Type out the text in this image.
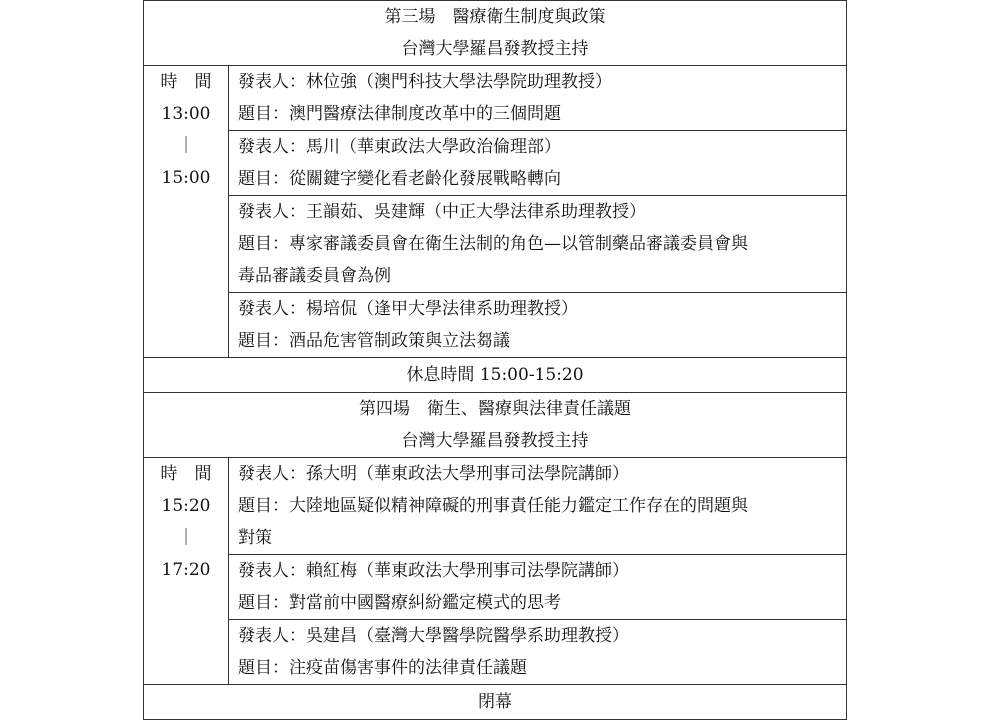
第三場　醫療衛生制度與政策
台灣大學羅昌發教授主持	

時　間
13:00
｜
15:00	發表人：林位強（澳門科技大學法學院助理教授）
題目：澳門醫療法律制度改革中的三個問題

	發表人：馬川（華東政法大學政治倫理部）
題目：從關鍵字變化看老齡化發展戰略轉向

	發表人：王韻茹、吳建輝（中正大學法律系助理教授）
題目：專家審議委員會在衛生法制的角色—以管制藥品審議委員會與
毒品審議委員會為例

	發表人：楊培侃（逢甲大學法律系助理教授）
題目：酒品危害管制政策與立法芻議

休息時間 15:00-15:20	

第四場　衛生、醫療與法律責任議題
台灣大學羅昌發教授主持	

時　間
15:20
｜
17:20	發表人：孫大明（華東政法大學刑事司法學院講師）
題目：大陸地區疑似精神障礙的刑事責任能力鑑定工作存在的問題與
對策

	發表人：賴紅梅（華東政法大學刑事司法學院講師）
題目：對當前中國醫療糾紛鑑定模式的思考

	發表人：吳建昌（臺灣大學醫學院醫學系助理教授）
題目：注疫苗傷害事件的法律責任議題

閉幕	
